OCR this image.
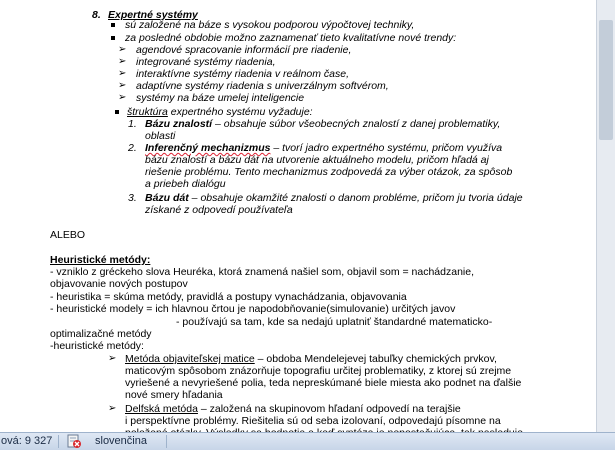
8. Expertné systémy
sú založené na báze s vysokou podporou výpočtovej techniky,
za posledné obdobie možno zaznamenať tieto kvalitatívne nové trendy:
➢ agendové spracovanie informácií pre riadenie,
➢ integrované systémy riadenia,
➢ interaktívne systémy riadenia v reálnom čase,
➢ adaptívne systémy riadenia s univerzálnym softvérom,
➢ systémy na báze umelej inteligencie
štruktúra expertného systému vyžaduje:
1. Bázu znalostí – obsahuje súbor všeobecných znalostí z danej problematiky,
oblasti
2. Inferenčný mechanizmus – tvorí jadro expertného systému, pričom využíva
bázu znalostí a bázu dát na utvorenie aktuálneho modelu, pričom hľadá aj
riešenie problému. Tento mechanizmus zodpovedá za výber otázok, za spôsob
a priebeh dialógu
3. Bázu dát – obsahuje okamžité znalosti o danom probléme, pričom ju tvoria údaje
získané z odpovedí používateľa
ALEBO
Heuristické metódy:
- vzniklo z gréckeho slova Heuréka, ktorá znamená našiel som, objavil som = nachádzanie,
objavovanie nových postupov
- heuristika = skúma metódy, pravidlá a postupy vynachádzania, objavovania
- heuristické modely = ich hlavnou črtou je napodobňovanie(simulovanie) určitých javov
- používajú sa tam, kde sa nedajú uplatniť štandardné matematicko-
optimalizačné metódy
-heuristické metódy:
➢ Metóda objaviteľskej matice – obdoba Mendelejevej tabuľky chemických prvkov,
maticovým spôsobom znázorňuje topografiu určitej problematiky, z ktorej sú zrejme
vyriešené a nevyriešené polia, teda nepreskúmané biele miesta ako podnet na ďalšie
nové smery hľadania
➢ Delfská metóda – založená na skupinovom hľadaní odpovedí na terajšie
i perspektívne problémy. Riešitelia sú od seba izolovaní, odpovedajú písomne na
ová: 9 327	slovenčina
